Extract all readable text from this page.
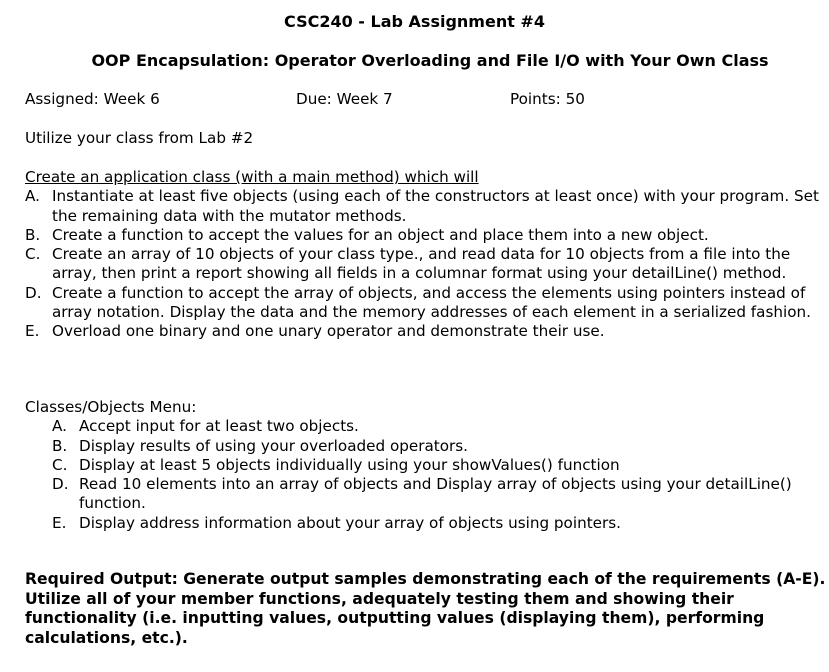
CSC240 - Lab Assignment #4
OOP Encapsulation: Operator Overloading and File I/O with Your Own Class
Assigned: Week 6	Due: Week 7	Points: 50
Utilize your class from Lab #2
Create an application class (with a main method) which will
A. Instantiate at least five objects (using each of the constructors at least once) with your program. Set the remaining data with the mutator methods.
B. Create a function to accept the values for an object and place them into a new object.
C. Create an array of 10 objects of your class type., and read data for 10 objects from a file into the array, then print a report showing all fields in a columnar format using your detailLine() method.
D. Create a function to accept the array of objects, and access the elements using pointers instead of array notation. Display the data and the memory addresses of each element in a serialized fashion.
E. Overload one binary and one unary operator and demonstrate their use.
Classes/Objects Menu:
A. Accept input for at least two objects.
B. Display results of using your overloaded operators.
C. Display at least 5 objects individually using your showValues() function
D. Read 10 elements into an array of objects and Display array of objects using your detailLine() function.
E. Display address information about your array of objects using pointers.
Required Output: Generate output samples demonstrating each of the requirements (A-E). Utilize all of your member functions, adequately testing them and showing their functionality (i.e. inputting values, outputting values (displaying them), performing calculations, etc.).
